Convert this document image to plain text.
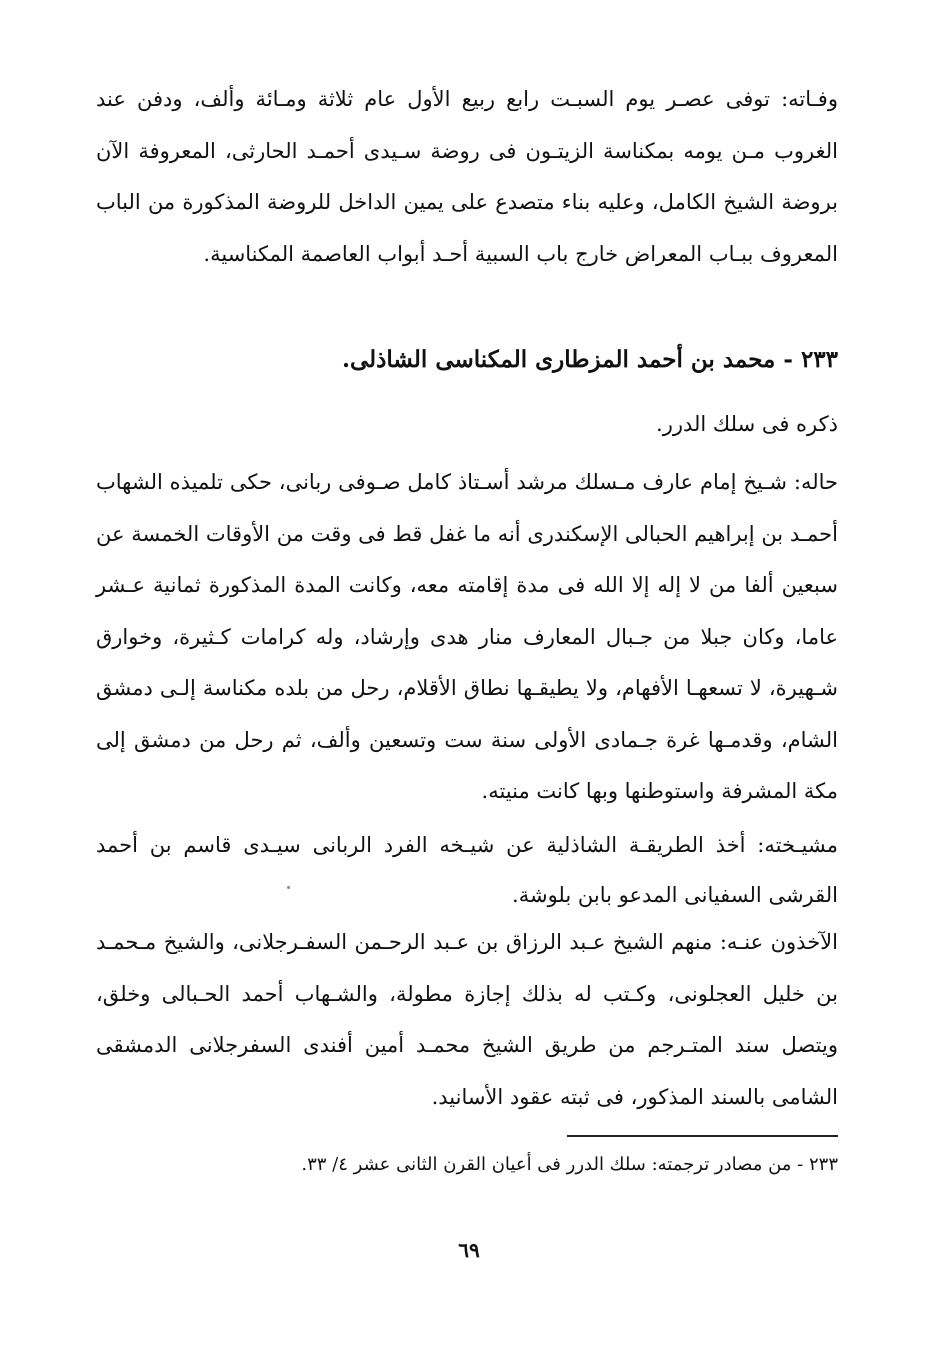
وفـاته: توفى عصـر يوم السبـت رابع ربيع الأول عام ثلاثة ومـائة وألف، ودفن عند الغروب مـن يومه بمكناسة الزيتـون فى روضة سـيدى أحمـد الحارثى، المعروفة الآن بروضة الشيخ الكامل، وعليه بناء متصدع على يمين الداخل للروضة المذكورة من الباب المعروف ببـاب المعراض خارج باب السبية أحـد أبواب العاصمة المكناسية.

٢٣٣ - محمد بن أحمد المزطارى المكناسى الشاذلى.

ذكره فى سلك الدرر.

حاله: شـيخ إمام عارف مـسلك مرشد أسـتاذ كامل صـوفى ربانى، حكى تلميذه الشهاب أحمـد بن إبراهيم الحبالى الإسكندرى أنه ما غفل قط فى وقت من الأوقات الخمسة عن سبعين ألفا من لا إله إلا الله فى مدة إقامته معه، وكانت المدة المذكورة ثمانية عـشر عاما، وكان جبلا من جـبال المعارف منار هدى وإرشاد، وله كرامات كـثيرة، وخوارق شـهيرة، لا تسعهـا الأفهام، ولا يطيقـها نطاق الأقلام، رحل من بلده مكناسة إلـى دمشق الشام، وقدمـها غرة جـمادى الأولى سنة ست وتسعين وألف، ثم رحل من دمشق إلى مكة المشرفة واستوطنها وبها كانت منيته.

مشيـخته: أخذ الطريقـة الشاذلية عن شيـخه الفرد الربانى سيـدى قاسم بن أحمد القرشى السفيانى المدعو بابن بلوشة.

الآخذون عنـه: منهم الشيخ عـبد الرزاق بن عـبد الرحـمن السفـرجلانى، والشيخ مـحمـد بن خليل العجلونى، وكـتب له بذلك إجازة مطولة، والشـهاب أحمد الحـبالى وخلق، ويتصل سند المتـرجم من طريق الشيخ محمـد أمين أفندى السفرجلانى الدمشقى الشامى بالسند المذكور، فى ثبته عقود الأسانيد.

٢٣٣ - من مصادر ترجمته: سلك الدرر فى أعيان القرن الثانى عشر ٤/ ٣٣.

٦٩
